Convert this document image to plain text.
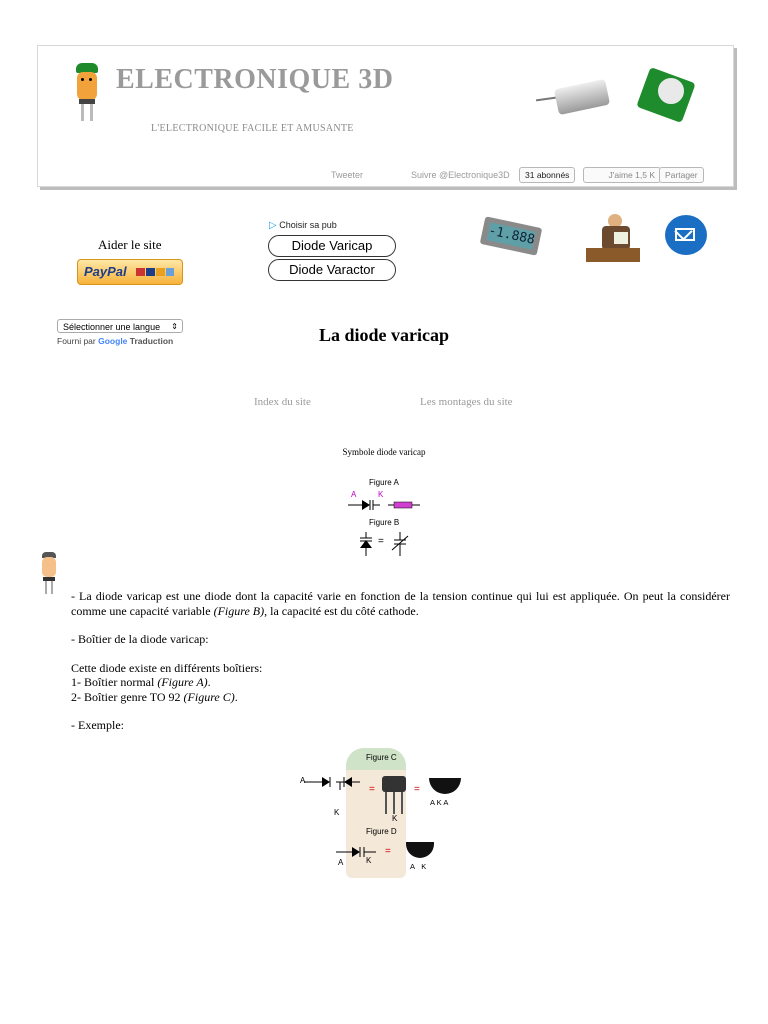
ELECTRONIQUE 3D
L'ELECTRONIQUE FACILE ET AMUSANTE
Tweeter	Suivre @Electronique3D	31 abonnés	J'aime 1,5 K	Partager
Aider le site
PayPal
▷ Choisir sa pub
Diode Varicap
Diode Varactor
-1.888
Sélectionner une langue ⇕
Fourni par Google Traduction	La diode varicap
Index du site	Les montages du site
Symbole diode varicap
Figure A
A	K
Figure B
=

- La diode varicap est une diode dont la capacité varie en fonction de la tension continue qui lui est appliquée. On peut la considérer comme une capacité variable (Figure B), la capacité est du côté cathode.

- Boîtier de la diode varicap:

Cette diode existe en différents boîtiers:

1- Boîtier normal (Figure A).

2- Boîtier genre TO 92 (Figure C).

- Exemple:

Figure C
A
K
=
K
=
A K A
Figure D
A	K
=
A K
